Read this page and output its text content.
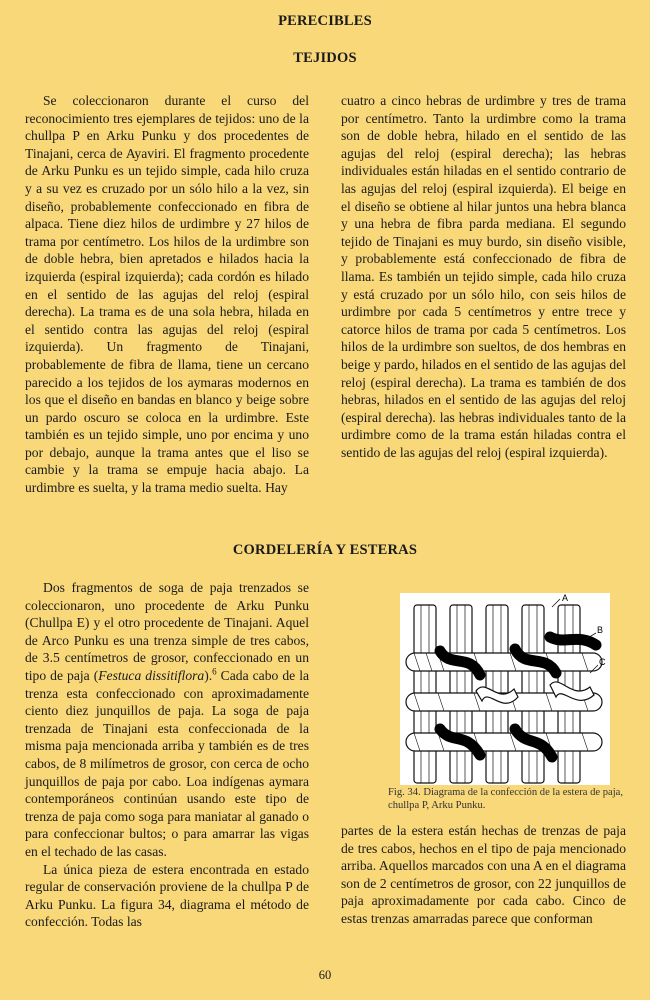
PERECIBLES
TEJIDOS

Se coleccionaron durante el curso del reconocimiento tres ejemplares de tejidos: uno de la chullpa P en Arku Punku y dos procedentes de Tinajani, cerca de Ayaviri. El fragmento procedente de Arku Punku es un tejido simple, cada hilo cruza y a su vez es cruzado por un sólo hilo a la vez, sin diseño, probablemente confeccionado en fibra de alpaca. Tiene diez hilos de urdimbre y 27 hilos de trama por centímetro. Los hilos de la urdimbre son de doble hebra, bien apretados e hilados hacia la izquierda (espiral izquierda); cada cordón es hilado en el sentido de las agujas del reloj (espiral derecha). La trama es de una sola hebra, hilada en el sentido contra las agujas del reloj (espiral izquierda). Un fragmento de Tinajani, probablemente de fibra de llama, tiene un cercano parecido a los tejidos de los aymaras modernos en los que el diseño en bandas en blanco y beige sobre un pardo oscuro se coloca en la urdimbre. Este también es un tejido simple, uno por encima y uno por debajo, aunque la trama antes que el liso se cambie y la trama se empuje hacia abajo. La urdimbre es suelta, y la trama medio suelta. Hay

cuatro a cinco hebras de urdimbre y tres de trama por centímetro. Tanto la urdimbre como la trama son de doble hebra, hilado en el sentido de las agujas del reloj (espiral derecha); las hebras individuales están hiladas en el sentido contrario de las agujas del reloj (espiral izquierda). El beige en el diseño se obtiene al hilar juntos una hebra blanca y una hebra de fibra parda mediana. El segundo tejido de Tinajani es muy burdo, sin diseño visible, y probablemente está confeccionado de fibra de llama. Es también un tejido simple, cada hilo cruza y está cruzado por un sólo hilo, con seis hilos de urdimbre por cada 5 centímetros y entre trece y catorce hilos de trama por cada 5 centímetros. Los hilos de la urdimbre son sueltos, de dos hembras en beige y pardo, hilados en el sentido de las agujas del reloj (espiral derecha). La trama es también de dos hebras, hilados en el sentido de las agujas del reloj (espiral derecha). las hebras individuales tanto de la urdimbre como de la trama están hiladas contra el sentido de las agujas del reloj (espiral izquierda).

CORDELERÍA Y ESTERAS

Dos fragmentos de soga de paja trenzados se coleccionaron, uno procedente de Arku Punku (Chullpa E) y el otro procedente de Tinajani. Aquel de Arco Punku es una trenza simple de tres cabos, de 3.5 centímetros de grosor, confeccionado en un tipo de paja (Festuca dissitiflora).$^6$ Cada cabo de la trenza esta confeccionado con aproximadamente ciento diez junquillos de paja. La soga de paja trenzada de Tinajani esta confeccionada de la misma paja mencionada arriba y también es de tres cabos, de 8 milímetros de grosor, con cerca de ocho junquillos de paja por cabo. Loa indígenas aymara contemporáneos continúan usando este tipo de trenza de paja como soga para maniatar al ganado o para confeccionar bultos; o para amarrar las vigas en el techado de las casas.

La única pieza de estera encontrada en estado regular de conservación proviene de la chullpa P de Arku Punku. La figura 34, diagrama el método de confección. Todas las

A
B
C
Fig. 34. Diagrama de la confección de la estera de paja, chullpa P, Arku Punku.

partes de la estera están hechas de trenzas de paja de tres cabos, hechos en el tipo de paja mencionado arriba. Aquellos marcados con una A en el diagrama son de 2 centímetros de grosor, con 22 junquillos de paja aproximadamente por cada cabo. Cinco de estas trenzas amarradas parece que conforman

60
